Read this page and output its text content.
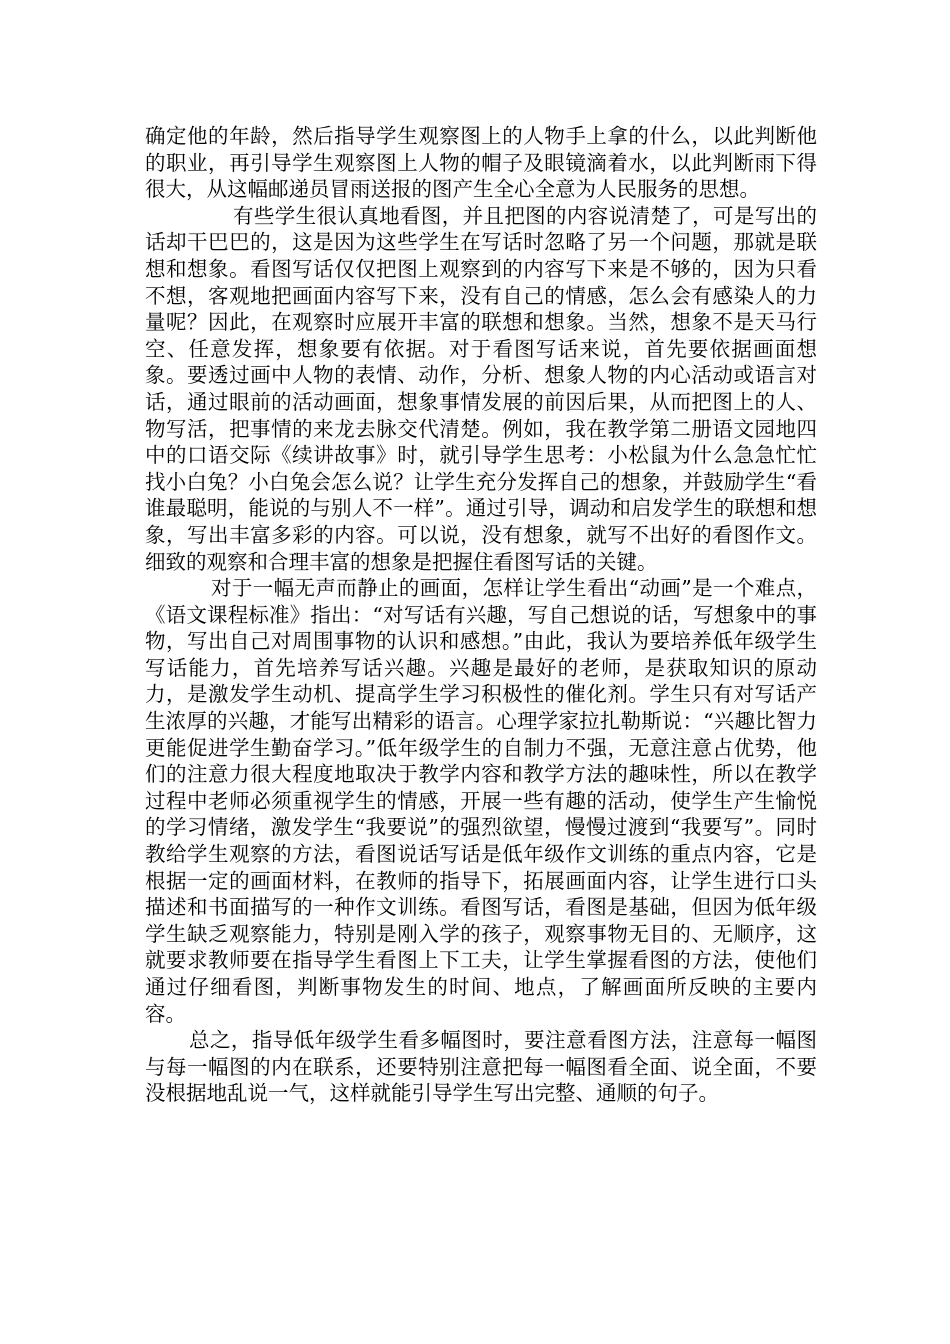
确定他的年龄，然后指导学生观察图上的人物手上拿的什么，以此判断他的职业，再引导学生观察图上人物的帽子及眼镜滴着水，以此判断雨下得很大，从这幅邮递员冒雨送报的图产生全心全意为人民服务的思想。

有些学生很认真地看图，并且把图的内容说清楚了，可是写出的话却干巴巴的，这是因为这些学生在写话时忽略了另一个问题，那就是联想和想象。看图写话仅仅把图上观察到的内容写下来是不够的，因为只看不想，客观地把画面内容写下来，没有自己的情感，怎么会有感染人的力量呢？因此，在观察时应展开丰富的联想和想象。当然，想象不是天马行空、任意发挥，想象要有依据。对于看图写话来说，首先要依据画面想象。要透过画中人物的表情、动作，分析、想象人物的内心活动或语言对话，通过眼前的活动画面，想象事情发展的前因后果，从而把图上的人、物写活，把事情的来龙去脉交代清楚。例如，我在教学第二册语文园地四中的口语交际《续讲故事》时，就引导学生思考：小松鼠为什么急急忙忙找小白兔？小白兔会怎么说？让学生充分发挥自己的想象，并鼓励学生“看谁最聪明，能说的与别人不一样”。通过引导，调动和启发学生的联想和想象，写出丰富多彩的内容。可以说，没有想象，就写不出好的看图作文。细致的观察和合理丰富的想象是把握住看图写话的关键。

对于一幅无声而静止的画面，怎样让学生看出“动画”是一个难点，《语文课程标准》指出：“对写话有兴趣，写自己想说的话，写想象中的事物，写出自己对周围事物的认识和感想。”由此，我认为要培养低年级学生写话能力，首先培养写话兴趣。兴趣是最好的老师，是获取知识的原动力，是激发学生动机、提高学生学习积极性的催化剂。学生只有对写话产生浓厚的兴趣，才能写出精彩的语言。心理学家拉扎勒斯说：“兴趣比智力更能促进学生勤奋学习。”低年级学生的自制力不强，无意注意占优势，他们的注意力很大程度地取决于教学内容和教学方法的趣味性，所以在教学过程中老师必须重视学生的情感，开展一些有趣的活动，使学生产生愉悦的学习情绪，激发学生“我要说”的强烈欲望，慢慢过渡到“我要写”。同时教给学生观察的方法，看图说话写话是低年级作文训练的重点内容，它是根据一定的画面材料，在教师的指导下，拓展画面内容，让学生进行口头描述和书面描写的一种作文训练。看图写话，看图是基础，但因为低年级学生缺乏观察能力，特别是刚入学的孩子，观察事物无目的、无顺序，这就要求教师要在指导学生看图上下工夫，让学生掌握看图的方法，使他们通过仔细看图，判断事物发生的时间、地点，了解画面所反映的主要内容。

总之，指导低年级学生看多幅图时，要注意看图方法，注意每一幅图与每一幅图的内在联系，还要特别注意把每一幅图看全面、说全面，不要没根据地乱说一气，这样就能引导学生写出完整、通顺的句子。
